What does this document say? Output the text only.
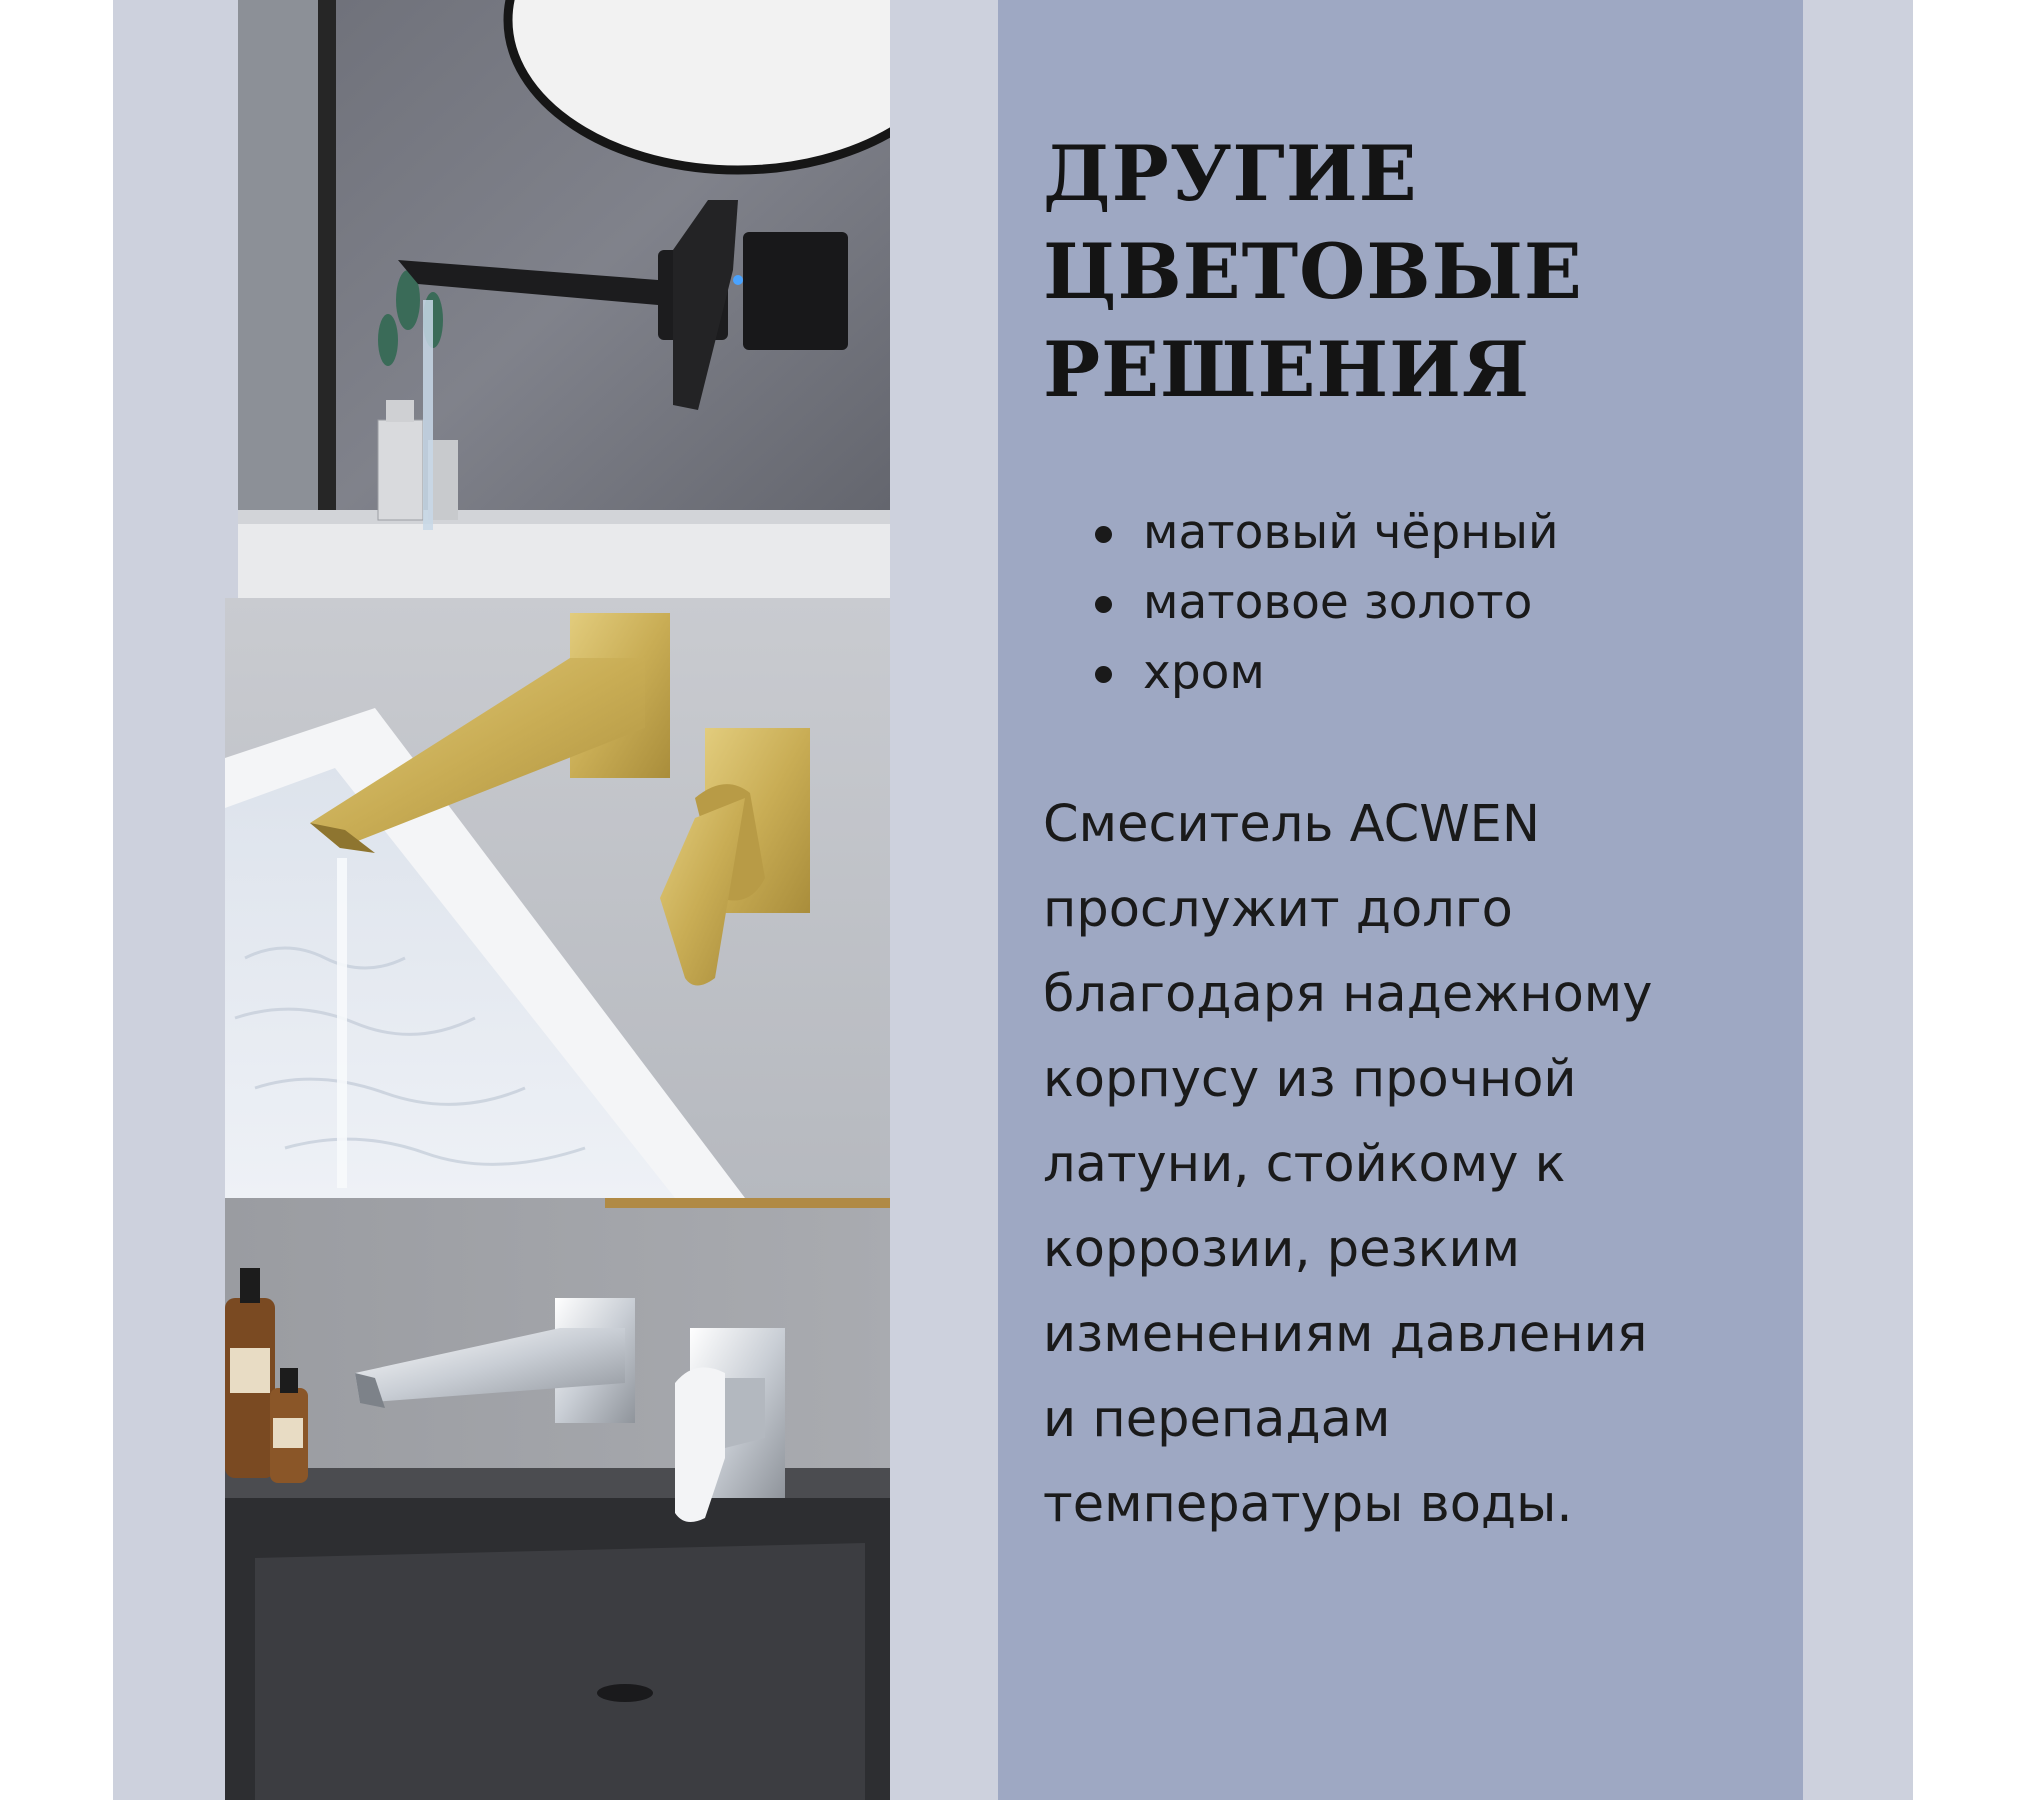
ДРУГИЕ
ЦВЕТОВЫЕ
РЕШЕНИЯ
матовый чёрный
матовое золото
хром

Смеситель ACWEN
прослужит долго
благодаря надежному
корпусу из прочной
латуни, стойкому к
коррозии, резким
изменениям давления
и перепадам
температуры воды.
